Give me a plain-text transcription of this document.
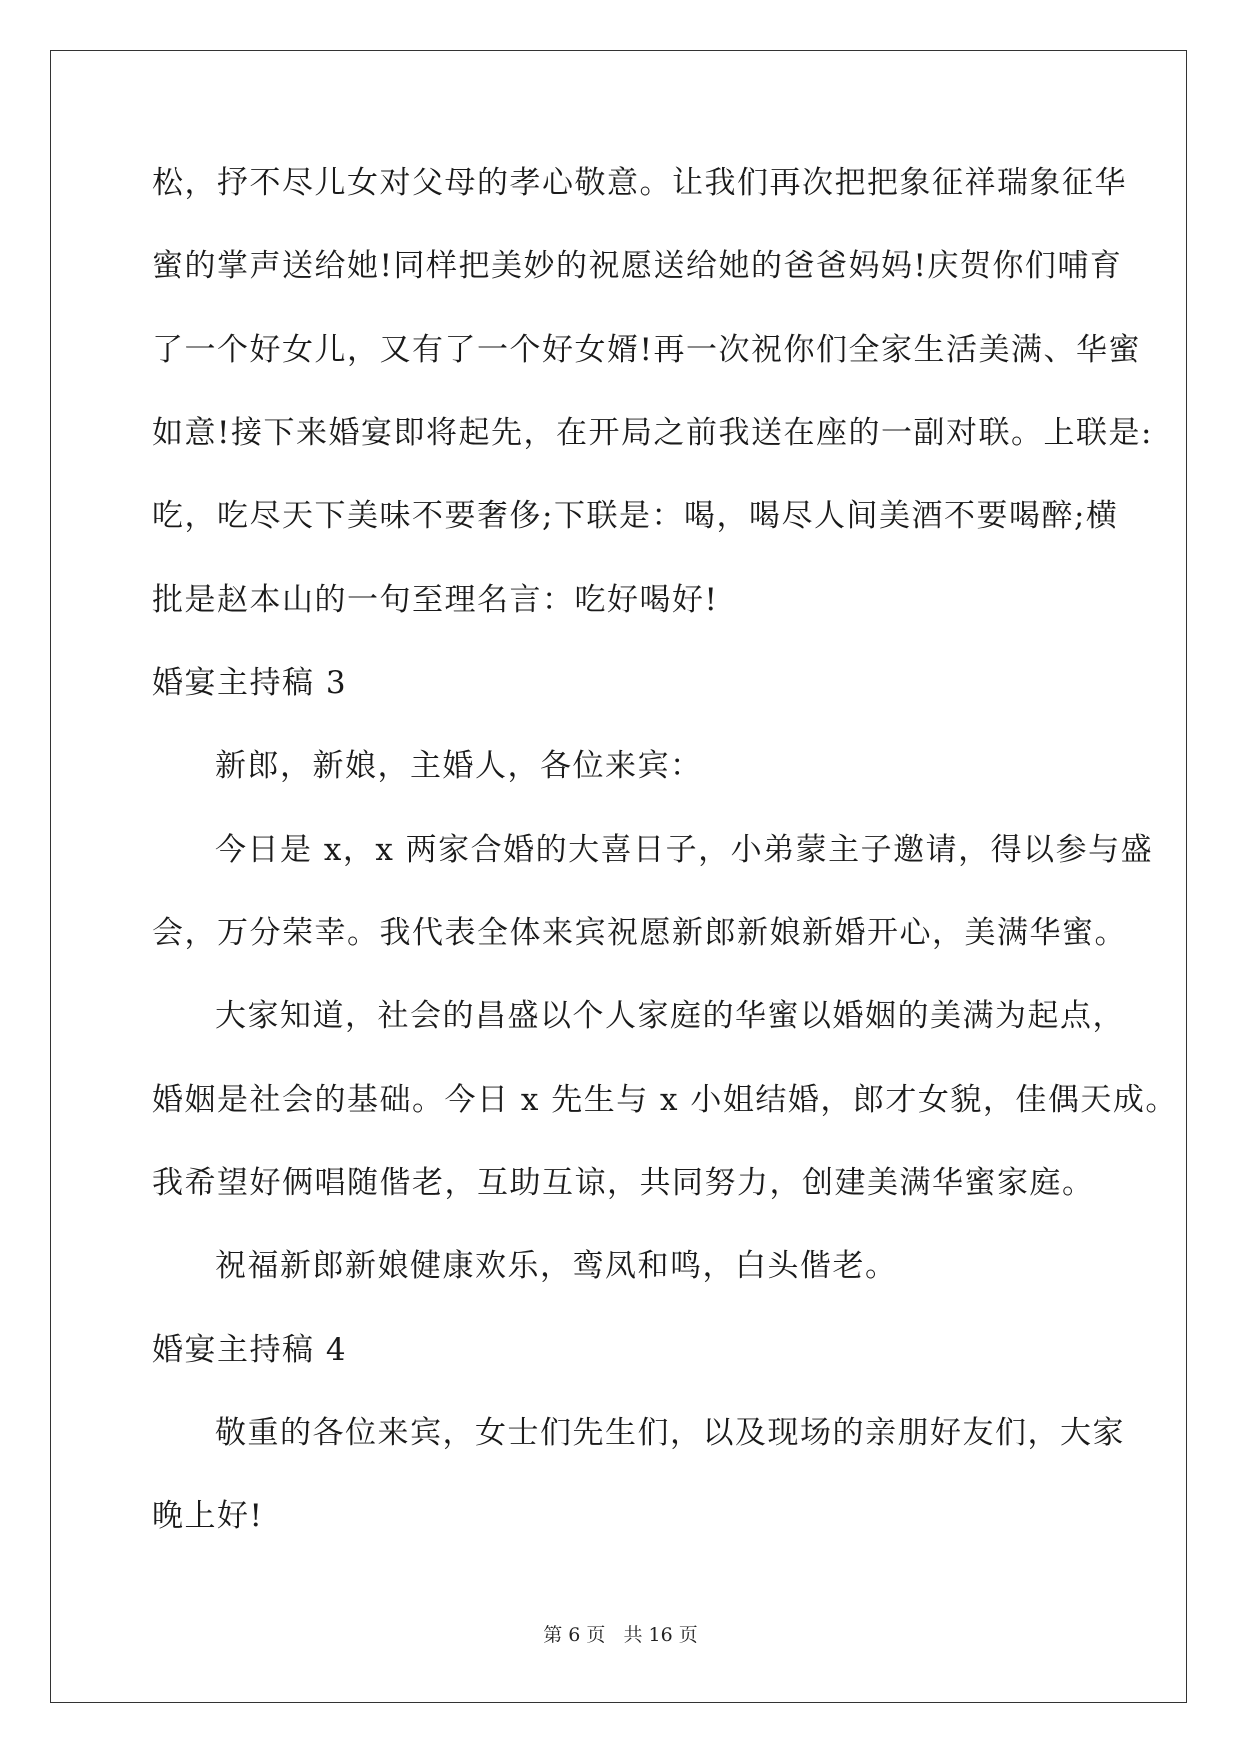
松，抒不尽儿女对父母的孝心敬意。让我们再次把把象征祥瑞象征华
蜜的掌声送给她!同样把美妙的祝愿送给她的爸爸妈妈!庆贺你们哺育
了一个好女儿，又有了一个好女婿!再一次祝你们全家生活美满、华蜜
如意!接下来婚宴即将起先，在开局之前我送在座的一副对联。上联是:
吃，吃尽天下美味不要奢侈;下联是：喝，喝尽人间美酒不要喝醉;横
批是赵本山的一句至理名言：吃好喝好!
婚宴主持稿 3
新郎，新娘，主婚人，各位来宾：
今日是 x，x 两家合婚的大喜日子，小弟蒙主子邀请，得以参与盛
会，万分荣幸。我代表全体来宾祝愿新郎新娘新婚开心，美满华蜜。
大家知道，社会的昌盛以个人家庭的华蜜以婚姻的美满为起点，
婚姻是社会的基础。今日 x 先生与 x 小姐结婚，郎才女貌，佳偶天成。
我希望好俩唱随偕老，互助互谅，共同努力，创建美满华蜜家庭。
祝福新郎新娘健康欢乐，鸾凤和鸣，白头偕老。
婚宴主持稿 4
敬重的各位来宾，女士们先生们，以及现场的亲朋好友们，大家
晚上好!
第 6 页 共 16 页
